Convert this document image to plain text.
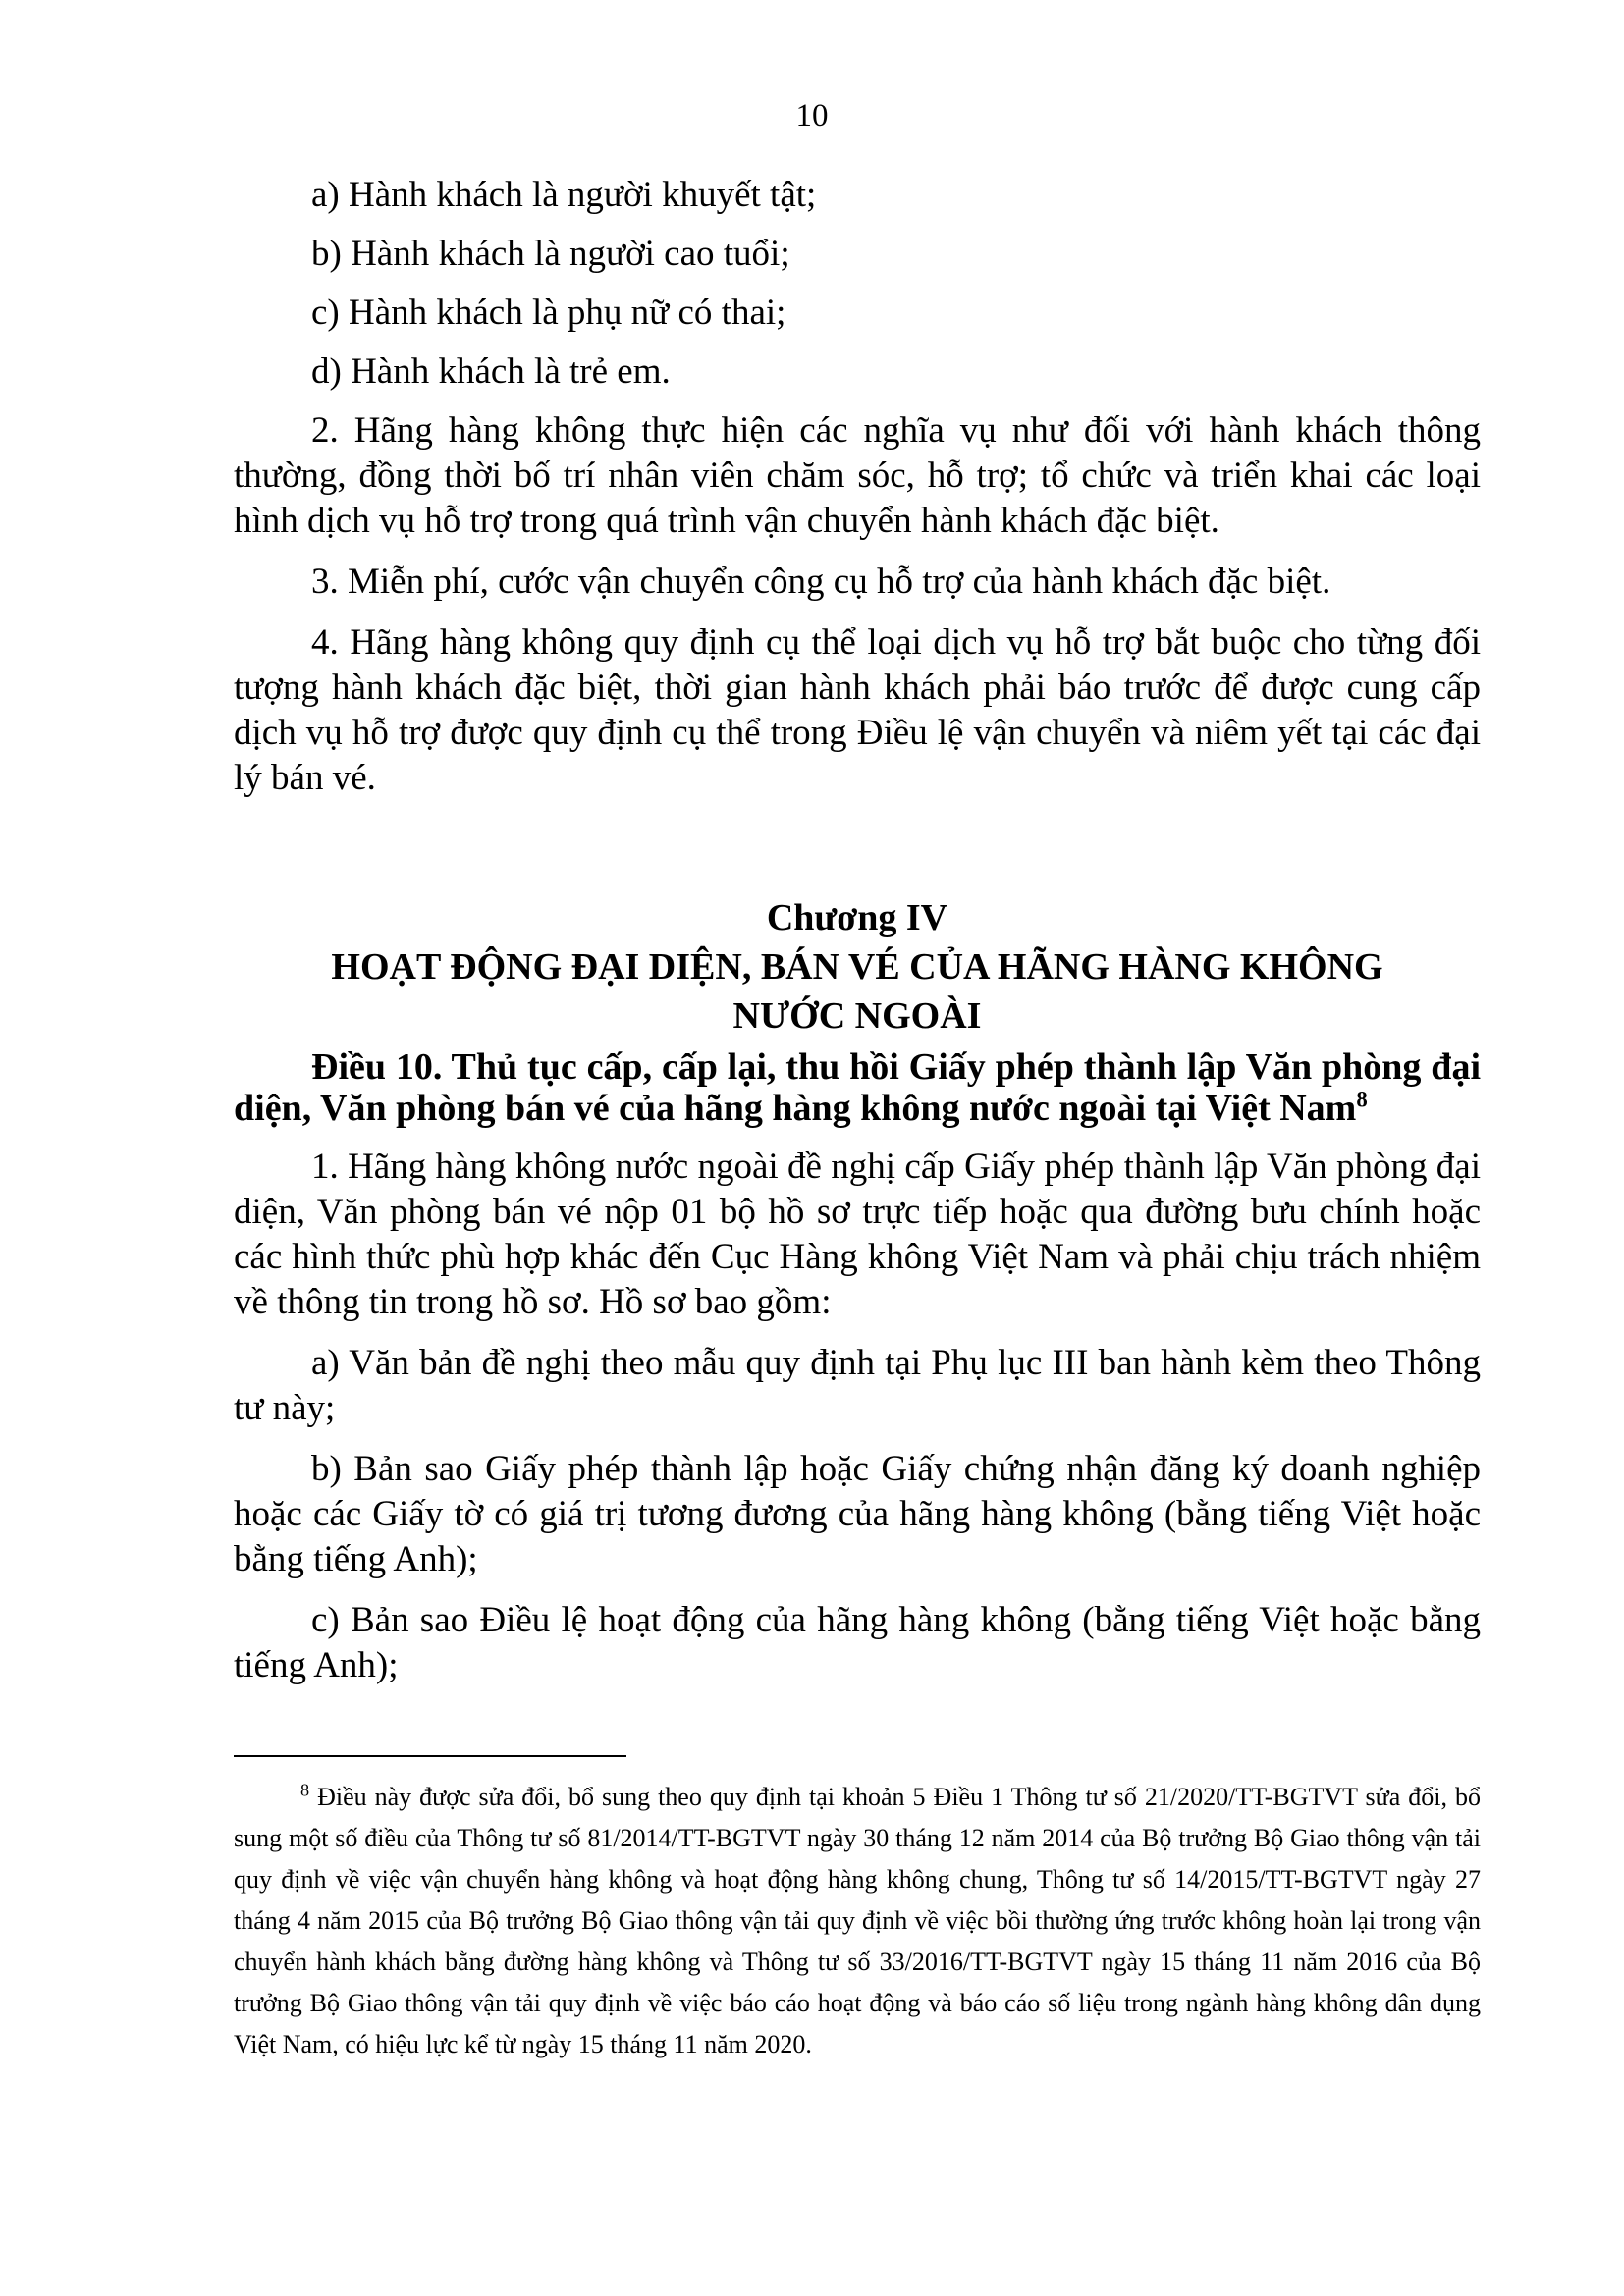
10

a) Hành khách là người khuyết tật;

b) Hành khách là người cao tuổi;

c) Hành khách là phụ nữ có thai;

d) Hành khách là trẻ em.

2. Hãng hàng không thực hiện các nghĩa vụ như đối với hành khách thông thường, đồng thời bố trí nhân viên chăm sóc, hỗ trợ; tổ chức và triển khai các loại hình dịch vụ hỗ trợ trong quá trình vận chuyển hành khách đặc biệt.

3. Miễn phí, cước vận chuyển công cụ hỗ trợ của hành khách đặc biệt.

4. Hãng hàng không quy định cụ thể loại dịch vụ hỗ trợ bắt buộc cho từng đối tượng hành khách đặc biệt, thời gian hành khách phải báo trước để được cung cấp dịch vụ hỗ trợ được quy định cụ thể trong Điều lệ vận chuyển và niêm yết tại các đại lý bán vé.

Chương IV

HOẠT ĐỘNG ĐẠI DIỆN, BÁN VÉ CỦA HÃNG HÀNG KHÔNG

NƯỚC NGOÀI

Điều 10. Thủ tục cấp, cấp lại, thu hồi Giấy phép thành lập Văn phòng đại diện, Văn phòng bán vé của hãng hàng không nước ngoài tại Việt Nam$^8$

1. Hãng hàng không nước ngoài đề nghị cấp Giấy phép thành lập Văn phòng đại diện, Văn phòng bán vé nộp 01 bộ hồ sơ trực tiếp hoặc qua đường bưu chính hoặc các hình thức phù hợp khác đến Cục Hàng không Việt Nam và phải chịu trách nhiệm về thông tin trong hồ sơ. Hồ sơ bao gồm:

a) Văn bản đề nghị theo mẫu quy định tại Phụ lục III ban hành kèm theo Thông tư này;

b) Bản sao Giấy phép thành lập hoặc Giấy chứng nhận đăng ký doanh nghiệp hoặc các Giấy tờ có giá trị tương đương của hãng hàng không (bằng tiếng Việt hoặc bằng tiếng Anh);

c) Bản sao Điều lệ hoạt động của hãng hàng không (bằng tiếng Việt hoặc bằng tiếng Anh);

$^8$ Điều này được sửa đổi, bổ sung theo quy định tại khoản 5 Điều 1 Thông tư số 21/2020/TT-BGTVT sửa đổi, bổ sung một số điều của Thông tư số 81/2014/TT-BGTVT ngày 30 tháng 12 năm 2014 của Bộ trưởng Bộ Giao thông vận tải quy định về việc vận chuyển hàng không và hoạt động hàng không chung, Thông tư số 14/2015/TT-BGTVT ngày 27 tháng 4 năm 2015 của Bộ trưởng Bộ Giao thông vận tải quy định về việc bồi thường ứng trước không hoàn lại trong vận chuyển hành khách bằng đường hàng không và Thông tư số 33/2016/TT-BGTVT ngày 15 tháng 11 năm 2016 của Bộ trưởng Bộ Giao thông vận tải quy định về việc báo cáo hoạt động và báo cáo số liệu trong ngành hàng không dân dụng Việt Nam, có hiệu lực kể từ ngày 15 tháng 11 năm 2020.
